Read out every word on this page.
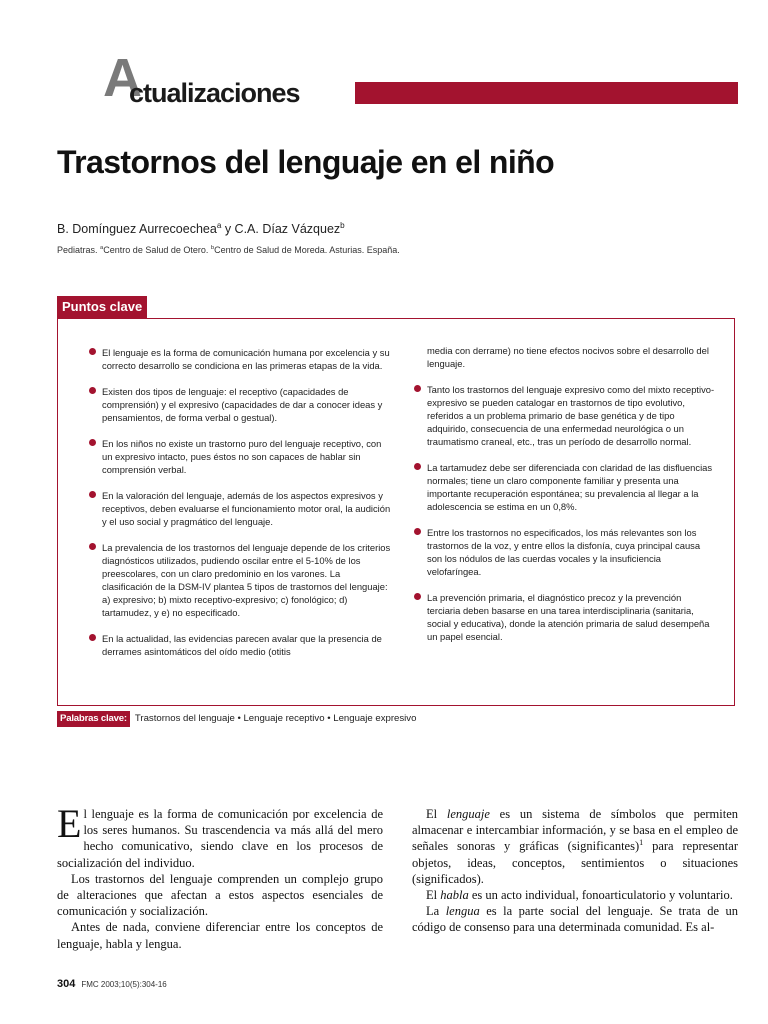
A
ctualizaciones
Trastornos del lenguaje en el niño
B. Domínguez Aurrecoechea$^a$ y C.A. Díaz Vázquez$^b$
Pediatras. $^a$Centro de Salud de Otero. $^b$Centro de Salud de Moreda. Asturias. España.
Puntos clave
El lenguaje es la forma de comunicación humana por excelencia y su correcto desarrollo se condiciona en las primeras etapas de la vida.
Existen dos tipos de lenguaje: el receptivo (capacidades de comprensión) y el expresivo (capacidades de dar a conocer ideas y pensamientos, de forma verbal o gestual).
En los niños no existe un trastorno puro del lenguaje receptivo, con un expresivo intacto, pues éstos no son capaces de hablar sin comprensión verbal.
En la valoración del lenguaje, además de los aspectos expresivos y receptivos, deben evaluarse el funcionamiento motor oral, la audición y el uso social y pragmático del lenguaje.
La prevalencia de los trastornos del lenguaje depende de los criterios diagnósticos utilizados, pudiendo oscilar entre el 5-10% de los preescolares, con un claro predominio en los varones. La clasificación de la DSM-IV plantea 5 tipos de trastornos del lenguaje: a) expresivo; b) mixto receptivo-expresivo; c) fonológico; d) tartamudez, y e) no especificado.
En la actualidad, las evidencias parecen avalar que la presencia de derrames asintomáticos del oído medio (otitis
media con derrame) no tiene efectos nocivos sobre el desarrollo del lenguaje.
Tanto los trastornos del lenguaje expresivo como del mixto receptivo-expresivo se pueden catalogar en trastornos de tipo evolutivo, referidos a un problema primario de base genética y de tipo adquirido, consecuencia de una enfermedad neurológica o un traumatismo craneal, etc., tras un período de desarrollo normal.
La tartamudez debe ser diferenciada con claridad de las disfluencias normales; tiene un claro componente familiar y presenta una importante recuperación espontánea; su prevalencia al llegar a la adolescencia se estima en un 0,8%.
Entre los trastornos no especificados, los más relevantes son los trastornos de la voz, y entre ellos la disfonía, cuya principal causa son los nódulos de las cuerdas vocales y la insuficiencia velofaríngea.
La prevención primaria, el diagnóstico precoz y la prevención terciaria deben basarse en una tarea interdisciplinaria (sanitaria, social y educativa), donde la atención primaria de salud desempeña un papel esencial.
Palabras clave: Trastornos del lenguaje • Lenguaje receptivo • Lenguaje expresivo

El lenguaje es la forma de comunicación por excelencia de los seres humanos. Su trascendencia va más allá del mero hecho comunicativo, siendo clave en los procesos de socialización del individuo.

Los trastornos del lenguaje comprenden un complejo grupo de alteraciones que afectan a estos aspectos esenciales de comunicación y socialización.

Antes de nada, conviene diferenciar entre los conceptos de lenguaje, habla y lengua.

El lenguaje es un sistema de símbolos que permiten almacenar e intercambiar información, y se basa en el empleo de señales sonoras y gráficas (significantes)$^1$ para representar objetos, ideas, conceptos, sentimientos o situaciones (significados).

El habla es un acto individual, fonoarticulatorio y voluntario.

La lengua es la parte social del lenguaje. Se trata de un código de consenso para una determinada comunidad. Es al-

304 FMC 2003;10(5):304-16
